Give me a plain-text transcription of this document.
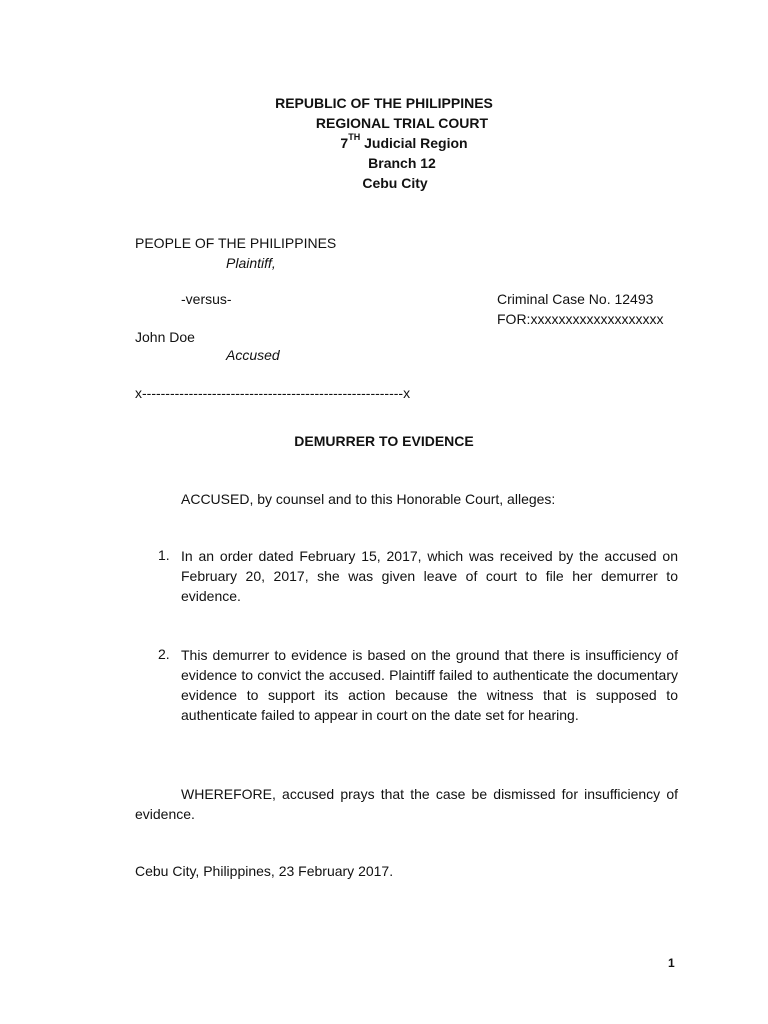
REPUBLIC OF THE PHILIPPINES
REGIONAL TRIAL COURT
7TH Judicial Region
Branch 12
Cebu City
PEOPLE OF THE PHILIPPINES
Plaintiff,
-versus-	Criminal Case No. 12493
FOR:xxxxxxxxxxxxxxxxxxx
John Doe
Accused
x--------------------------------------------------------x
DEMURRER TO EVIDENCE
ACCUSED, by counsel and to this Honorable Court, alleges:
1. In an order dated February 15, 2017, which was received by the accused on February 20, 2017, she was given leave of court to file her demurrer to evidence.
2. This demurrer to evidence is based on the ground that there is insufficiency of evidence to convict the accused. Plaintiff failed to authenticate the documentary evidence to support its action because the witness that is supposed to authenticate failed to appear in court on the date set for hearing.
WHEREFORE, accused prays that the case be dismissed for insufficiency of evidence.
Cebu City, Philippines, 23 February 2017.
1
